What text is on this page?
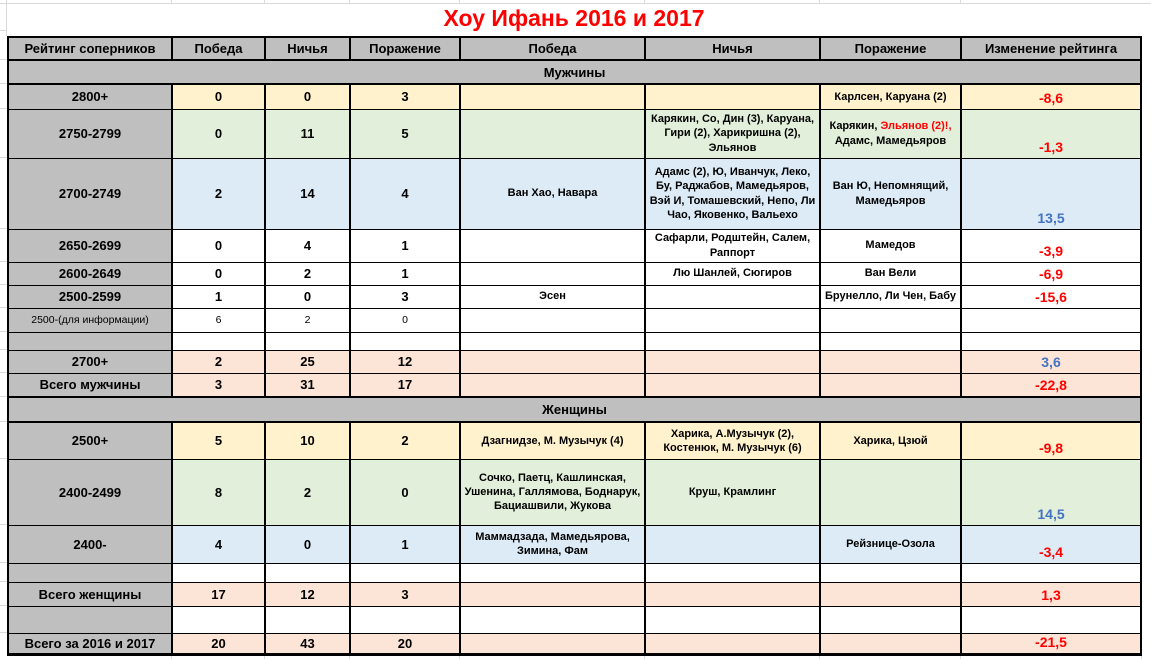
Хоу Ифань 2016 и 2017
Рейтинг соперников	Победа	Ничья	Поражение	Победа	Ничья	Поражение	Изменение рейтинга
Мужчины							
2800+	0	0	3			Карлсен, Каруана (2)	-8,6
2750-2799	0	11	5		Карякин, Со, Дин (3), Каруана, Гири (2), Харикришна (2), Эльянов	Карякин, Эльянов (2)!, Адамс, Мамедьяров	-1,3
2700-2749	2	14	4	Ван Хао, Навара	Адамс (2), Ю, Иванчук, Леко, Бу, Раджабов, Мамедьяров, Вэй И, Томашевский, Непо, Ли Чао, Яковенко, Вальехо	Ван Ю, Непомнящий, Мамедьяров	13,5
2650-2699	0	4	1		Сафарли, Родштейн, Салем, Раппорт	Мамедов	-3,9
2600-2649	0	2	1		Лю Шанлей, Сюгиров	Ван Вели	-6,9
2500-2599	1	0	3	Эсен		Брунелло, Ли Чен, Бабу	-15,6
2500-(для информации)	6	2	0				

2700+	2	25	12				3,6
Всего мужчины	3	31	17				-22,8
Женщины							
2500+	5	10	2	Дзагнидзе, М. Музычук (4)	Харика, А.Музычук (2), Костенюк, М. Музычук (6)	Харика, Цзюй	-9,8
2400-2499	8	2	0	Сочко, Паетц, Кашлинская, Ушенина, Галлямова, Боднарук, Бациашвили, Жукова	Круш, Крамлинг		14,5
2400-	4	0	1	Маммадзада, Мамедьярова, Зимина, Фам		Рейзнице-Озола	-3,4

Всего женщины	17	12	3				1,3

Всего за 2016 и 2017	20	43	20				-21,5
